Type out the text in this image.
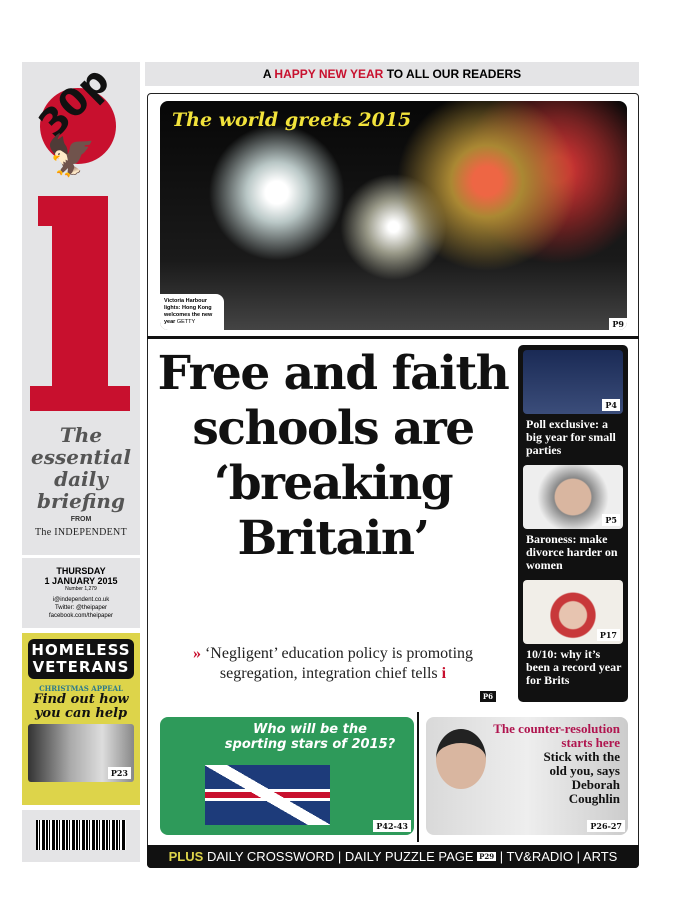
30p
🦅
The
essential
daily
briefing
FROM
The INDEPENDENT
THURSDAY
1 JANUARY 2015
Number 1,279
i@independent.co.uk
Twitter: @theipaper
facebook.com/theipaper
HOMELESS
VETERANS
CHRISTMAS APPEAL
Find out how you can help
P23
A HAPPY NEW YEAR TO ALL OUR READERS
The world greets 2015
Victoria Harbour lights: Hong Kong welcomes the new year GETTY	P9
Free and faith schools are ‘breaking Britain’
» ‘Negligent’ education policy is promoting segregation, integration chief tells i
P6
P4
Poll exclusive: a big year for small parties
P5
Baroness: make divorce harder on women
P17
10/10: why it’s been a record year for Brits
Who will be the sporting stars of 2015?
P42-43
The counter-resolution starts here
Stick with the old you, says Deborah Coughlin
P26-27
PLUS DAILY CROSSWORD | DAILY PUZZLE PAGE P29 | TV&RADIO | ARTS
